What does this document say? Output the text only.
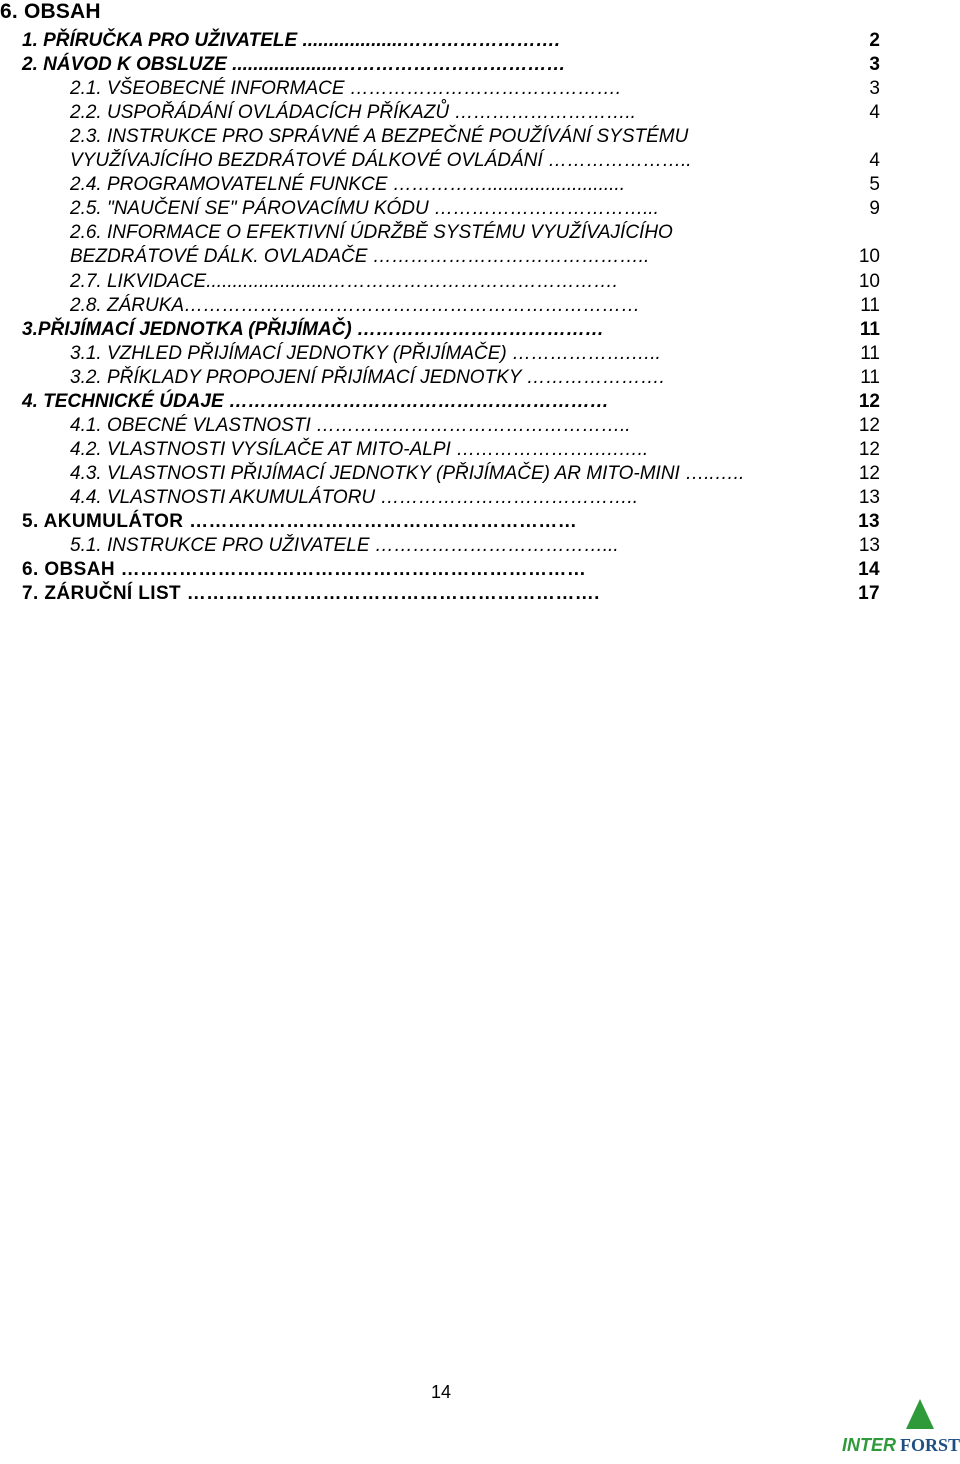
6. OBSAH
1. PŘÍRUČKA PRO UŽIVATELE ...................…………………….	2
2. NÁVOD K OBSLUZE ....................………………………………	3
2.1. VŠEOBECNÉ INFORMACE …………………………………….	3
2.2. USPOŘÁDÁNÍ OVLÁDACÍCH PŘÍKAZŮ ………………………..	4
2.3. INSTRUKCE PRO SPRÁVNÉ A BEZPEČNÉ POUŽÍVÁNÍ SYSTÉMU
VYUŽÍVAJÍCÍHO BEZDRÁTOVÉ DÁLKOVÉ OVLÁDÁNÍ …………………..	4
2.4. PROGRAMOVATELNÉ FUNKCE ……………..........................	5
2.5. "NAUČENÍ SE" PÁROVACÍMU KÓDU ……………………………...	9
2.6. INFORMACE O EFEKTIVNÍ ÚDRŽBĚ SYSTÉMU VYUŽÍVAJÍCÍHO
BEZDRÁTOVÉ DÁLK. OVLADAČE ……………………………………..	10
2.7. LIKVIDACE.......................……………………………………….	10
2.8. ZÁRUKA………………………………………………………………	11
3.PŘIJÍMACÍ JEDNOTKA (PŘIJÍMAČ) …………………………………	11
3.1. VZHLED PŘIJÍMACÍ JEDNOTKY (PŘIJÍMAČE) ……………….…..	11
3.2. PŘÍKLADY PROPOJENÍ PŘIJÍMACÍ JEDNOTKY ………………….	11
4. TECHNICKÉ ÚDAJE ……………………………………………………	12
4.1. OBECNÉ VLASTNOSTI …………………………………………..	12
4.2. VLASTNOSTI VYSÍLAČE AT MITO-ALPI ………………….….…..	12
4.3. VLASTNOSTI PŘIJÍMACÍ JEDNOTKY (PŘIJÍMAČE) AR MITO-MINI …..…..	12
4.4. VLASTNOSTI AKUMULÁTORU …………………………………..	13
5. AKUMULÁTOR ……………………………………………………	13
5.1. INSTRUKCE PRO UŽIVATELE ………………………………...	13
6. OBSAH ………………………………………………………………	14
7. ZÁRUČNÍ LIST ……………………………………………………….	17
14
INTER FORST
